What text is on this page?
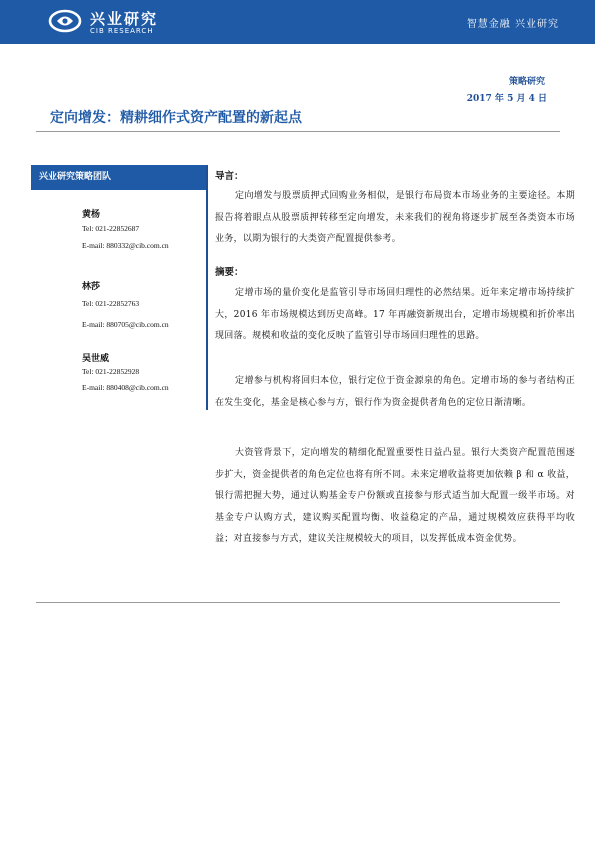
兴业研究
CIB RESEARCH
智慧金融 兴业研究
策略研究
2017 年 5 月 4 日
定向增发：精耕细作式资产配置的新起点
兴业研究策略团队
黄杨
Tel: 021-22852687
E-mail: 880332@cib.com.cn
林莎
Tel: 021-22852763
E-mail: 880705@cib.com.cn
吴世威
Tel: 021-22852928
E-mail: 880408@cib.com.cn
导言：
定向增发与股票质押式回购业务相似，是银行布局资本市场业务的主要途径。本期报告将着眼点从股票质押转移至定向增发，未来我们的视角将逐步扩展至各类资本市场业务，以期为银行的大类资产配置提供参考。
摘要：
定增市场的量价变化是监管引导市场回归理性的必然结果。近年来定增市场持续扩大，2016 年市场规模达到历史高峰。17 年再融资新规出台，定增市场规模和折价率出现回落。规模和收益的变化反映了监管引导市场回归理性的思路。
定增参与机构将回归本位，银行定位于资金源泉的角色。定增市场的参与者结构正在发生变化，基金是核心参与方，银行作为资金提供者角色的定位日渐清晰。
大资管背景下，定向增发的精细化配置重要性日益凸显。银行大类资产配置范围逐步扩大，资金提供者的角色定位也将有所不同。未来定增收益将更加依赖 β 和 α 收益，银行需把握大势，通过认购基金专户份额或直接参与形式适当加大配置一级半市场。对基金专户认购方式，建议购买配置均衡、收益稳定的产品，通过规模效应获得平均收益；对直接参与方式，建议关注规模较大的项目，以发挥低成本资金优势。
